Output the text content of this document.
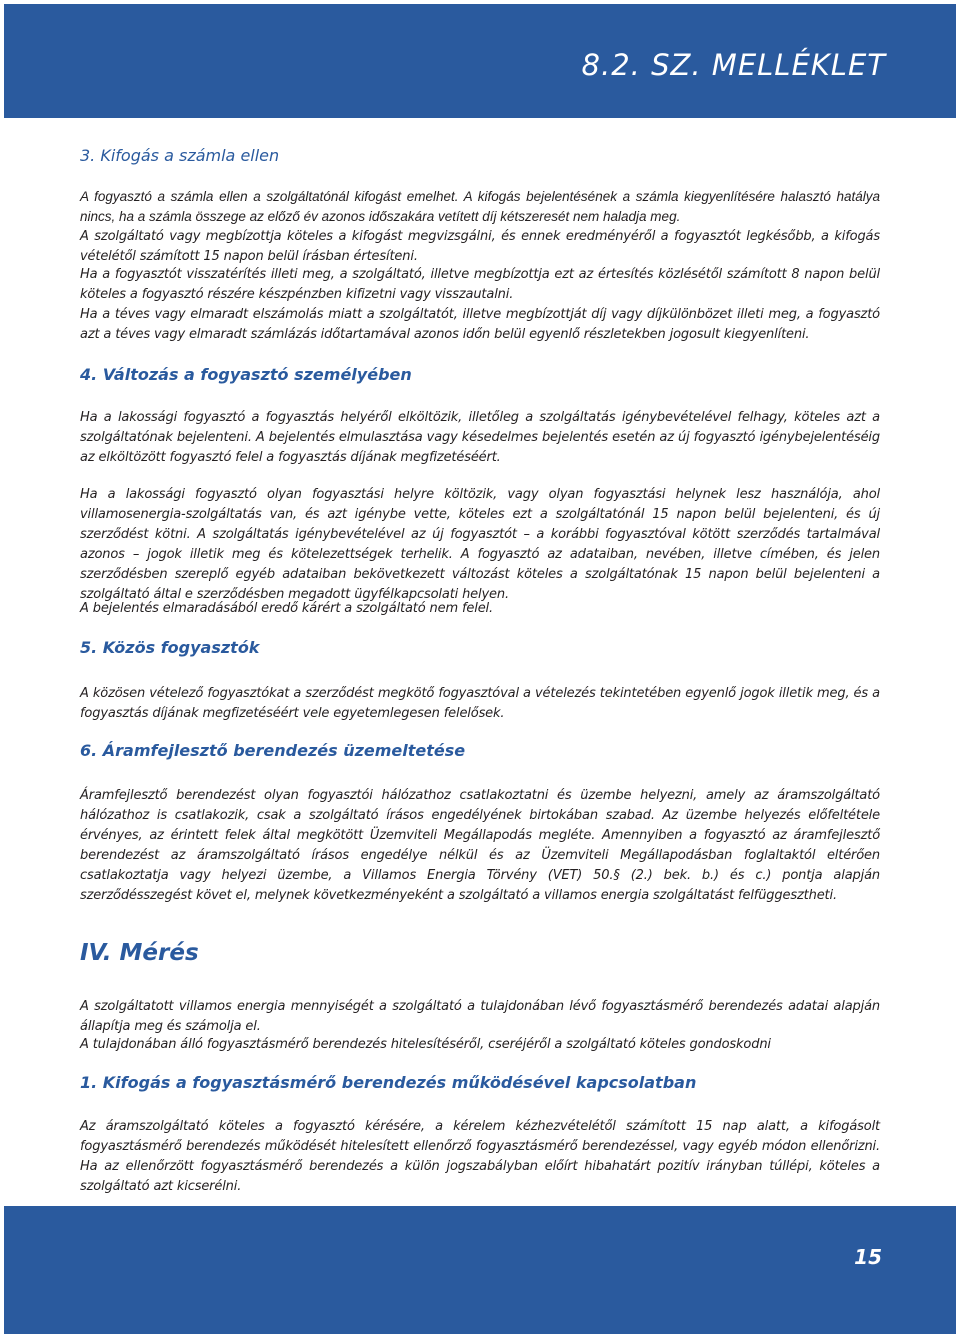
8.2. SZ. MELLÉKLET
3. Kifogás a számla ellen

A fogyasztó a számla ellen a szolgáltatónál kifogást emelhet. A kifogás bejelentésének a számla kiegyenlítésére halasztó hatálya nincs, ha a számla összege az előző év azonos időszakára vetített díj kétszeresét nem haladja meg.

A szolgáltató vagy megbízottja köteles a kifogást megvizsgálni, és ennek eredményéről a fogyasztót legkésőbb, a kifogás vételétől számított 15 napon belül írásban értesíteni.

Ha a fogyasztót visszatérítés illeti meg, a szolgáltató, illetve megbízottja ezt az értesítés közlésétől számított 8 napon belül köteles a fogyasztó részére készpénzben kifizetni vagy visszautalni.

Ha a téves vagy elmaradt elszámolás miatt a szolgáltatót, illetve megbízottját díj vagy díjkülönbözet illeti meg, a fogyasztó azt a téves vagy elmaradt számlázás időtartamával azonos időn belül egyenlő részletekben jogosult kiegyenlíteni.

4. Változás a fogyasztó személyében

Ha a lakossági fogyasztó a fogyasztás helyéről elköltözik, illetőleg a szolgáltatás igénybevételével felhagy, köteles azt a szolgáltatónak bejelenteni. A bejelentés elmulasztása vagy késedelmes bejelentés esetén az új fogyasztó igénybejelentéséig az elköltözött fogyasztó felel a fogyasztás díjának megfizetéséért.

Ha a lakossági fogyasztó olyan fogyasztási helyre költözik, vagy olyan fogyasztási helynek lesz használója, ahol villamosenergia-szolgáltatás van, és azt igénybe vette, köteles ezt a szolgáltatónál 15 napon belül bejelenteni, és új szerződést kötni. A szolgáltatás igénybevételével az új fogyasztót – a korábbi fogyasztóval kötött szerződés tartalmával azonos – jogok illetik meg és kötelezettségek terhelik. A fogyasztó az adataiban, nevében, illetve címében, és jelen szerződésben szereplő egyéb adataiban bekövetkezett változást köteles a szolgáltatónak 15 napon belül bejelenteni a szolgáltató által e szerződésben megadott ügyfélkapcsolati helyen.

A bejelentés elmaradásából eredő kárért a szolgáltató nem felel.

5. Közös fogyasztók

A közösen vételező fogyasztókat a szerződést megkötő fogyasztóval a vételezés tekintetében egyenlő jogok illetik meg, és a fogyasztás díjának megfizetéséért vele egyetemlegesen felelősek.

6. Áramfejlesztő berendezés üzemeltetése

Áramfejlesztő berendezést olyan fogyasztói hálózathoz csatlakoztatni és üzembe helyezni, amely az áramszolgáltató hálózathoz is csatlakozik, csak a szolgáltató írásos engedélyének birtokában szabad. Az üzembe helyezés előfeltétele érvényes, az érintett felek által megkötött Üzemviteli Megállapodás megléte. Amennyiben a fogyasztó az áramfejlesztő berendezést az áramszolgáltató írásos engedélye nélkül és az Üzemviteli Megállapodásban foglaltaktól eltérően csatlakoztatja vagy helyezi üzembe, a Villamos Energia Törvény (VET) 50.§ (2.) bek. b.) és c.) pontja alapján szerződésszegést követ el, melynek következményeként a szolgáltató a villamos energia szolgáltatást felfüggesztheti.

IV. Mérés

A szolgáltatott villamos energia mennyiségét a szolgáltató a tulajdonában lévő fogyasztásmérő berendezés adatai alapján állapítja meg és számolja el.

A tulajdonában álló fogyasztásmérő berendezés hitelesítéséről, cseréjéről a szolgáltató köteles gondoskodni

1. Kifogás a fogyasztásmérő berendezés működésével kapcsolatban

Az áramszolgáltató köteles a fogyasztó kérésére, a kérelem kézhezvételétől számított 15 nap alatt, a kifogásolt fogyasztásmérő berendezés működését hitelesített ellenőrző fogyasztásmérő berendezéssel, vagy egyéb módon ellenőrizni. Ha az ellenőrzött fogyasztásmérő berendezés a külön jogszabályban előírt hibahatárt pozitív irányban túllépi, köteles a szolgáltató azt kicserélni.

15
